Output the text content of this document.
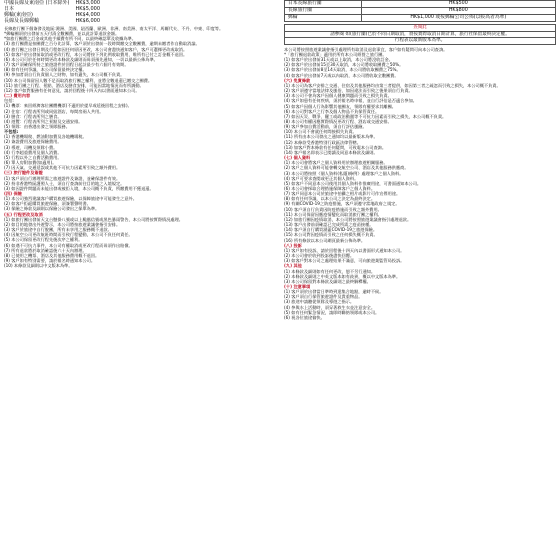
中國長線及東南亞 (日本除外)	HK$3,000
日本	HK$5,000
郵輪(東南亞)	HK$4,000
長線及長線郵輪	HK$6,000
長線旅行團下個簽發及地區:澳洲、美國、紐西蘭、歐洲、非洲、南美洲、南太平洋、馬爾代夫、不丹、中東、印度等。
*郵輪團須於出發前五天付清全數團費，並以此計算退款金額。
*如旅行團費之訂金或其他手續費有所不同，以最終確認單及收據為準。
(3) 旅行團費是按團費之百分比計算，客戶須於出發前一段時間繳交全數團費，逾期未繳者作自動取消論。
(4) 旅行團之出發日期及行程如因任何原因更改，本公司會盡快通知客戶，客戶可選擇更改或取消。
(5) 如客戶於出發前取消或更改行程，本公司將按下列比例收取費用，唯所有已付之訂金概不退回。
(6) 本公司可於任何時間更改本條款及細則而毋須預先通知，一切以最新公佈為準。
(7) 客戶須確保所持之旅遊證件於回程日起計最少有六個月有效期。
(8) 如有任何爭議，本公司保留最終決定權。
(9) 參加者須自行負責個人之財物，如有遺失，本公司概不負責。
(10) 本公司保留因人數不足而取消旅行團之權利，並將全數退還已繳交之團費。
(11) 旅行團之行程、景點、酒店及膳食安排，可能因當地情況而有所調動。
(12) 客戶如對服務有任何意見，請於回程後十四天內以書面通知本公司。
(二) 費用內容
包括:
(1) 機票：來回經濟客位團體機票(不適用於提早或延後回程之安排)。
(2) 住宿：行程表所列或同級酒店，每間房兩人共用。
(3) 膳食：行程表所列之膳食。
(4) 遊覽：行程表所列之景點及交通安排。
(5) 領隊：由香港出發之領隊服務。
不包括:
(1) 香港機場稅、燃油附加費及各地機場稅。
(2) 簽證費用及旅遊保險費用。
(3) 導遊、司機及領隊小費。
(4) 行李超重費用及個人消費。
(5) 行程以外之自費活動費用。
(6) 單人房附加費(如適用)。
(7) 因天氣、交通延誤或其他不可抗力因素所引致之額外費用。
(三) 旅行證件及簽證
(1) 客戶須自行辦理所需之旅遊證件及簽證，並確保證件有效。
(2) 持非香港特區護照人士，須自行查詢前往目的地之入境規定。
(3) 如因證件問題而未能出發或被拒入境，本公司概不負責，所繳費用不獲退還。
(四) 保險
(1) 本公司強烈建議客戶購買旅遊保險，以保障旅途中可能發生之意外。
(2) 如客戶拒絕購買旅遊保險，須簽署聲明書。
(3) 保險之條款及細則以保險公司發出之保單為準。
(五) 行程更改及取消
(1) 如旅行團出發前天文台懸掛八號或以上颱風信號或黑色暴雨警告，本公司將按實際情況處理。
(2) 如目的地發出外遊警示，本公司將按旅遊業議會指引安排。
(3) 客戶於旅途中自行脫團，所有未享用之服務概不退款。
(4) 因航空公司更改航班時間而引致行程變動，本公司不負任何責任。
(5) 本公司保留更改行程先後次序之權利。
(6) 如遇不可抗力事件，本公司有權取消或更改行程而毋須作出賠償。
(7) 所有退款將於取消確認後六十天內辦理。
(8) 已使用之機票、酒店及其他服務費用概不退回。
(9) 客戶如有特別需要，請於報名時通知本公司。
(10) 本條款及細則以中文版本為準。
日本長線旅行團	HK$500
長線旅行團	HK$800
郵輪	HK$1,000 或按郵輪公司公佈(以較高者為準)
查閱此
請參閱 如(旅行團)已於不同日期取消，須按實際取消日期計算，旅行社保留最終決定權。
行程表以最新版本為準。
本公司將按照旅遊業議會指引處理所有取消及退款事宜，客戶如有疑問可向本公司查詢。
*「旅行團退款政策」適用於所有本公司經營之旅行團。
(1) 如客戶於出發前31天或以上取消，本公司將沒收訂金。
(2) 如客戶於出發前15至30天取消，本公司將收取團費之50%。
(3) 如客戶於出發前8至14天取消，本公司將收取團費之75%。
(4) 如客戶於出發前7天或以內取消，本公司將收取全數團費。
(六) 免責條款
(1) 本公司為客戶安排之交通、住宿及其他服務均由第三者提供，如因第三者之疏忽而引致之損失，本公司概不負責。
(2) 客戶須遵守當地法律及風俗，如因違法而引致之後果須自行負責。
(3) 本公司不會為客戶因個人健康問題而引致之損失負責。
(4) 客戶如患有任何疾病，須於報名時申報，並自行評估是否適合參加。
(5) 如客戶因個人行為影響其他團友，領隊有權要求其離團。
(6) 本公司對客戶之行李及個人物品不負保管責任。
(7) 如因天災、戰爭、罷工或政治動盪等不可抗力因素而引致之損失，本公司概不負責。
(8) 本公司有權因應實際情況更改行程、酒店或交通安排。
(9) 客戶參加自費活動前，須自行評估風險。
(10) 本公司不會就任何間接損失負責。
(11) 所有由本公司發出之通知均以最新版本為準。
(12) 本條款受香港特別行政區法律管轄。
(13) 如客戶對本條款有任何疑問，可致電本公司查詢。
(14) 客戶報名即表示已閱讀及同意本條款及細則。
(七) 個人資料
(1) 本公司會將客戶之個人資料用於辦理旅遊相關服務。
(2) 客戶之個人資料可能會轉交航空公司、酒店及其他服務供應商。
(3) 本公司將按照《個人資料(私隱)條例》處理客戶之個人資料。
(4) 客戶可要求查閱或更正其個人資料。
(5) 如客戶不同意本公司使用其個人資料作推廣用途，可書面通知本公司。
(6) 本公司會採取合理措施保障客戶之個人資料。
(7) 客戶同意本公司於旅途中拍攝之相片或影片可作宣傳用途。
(8) 如有任何爭議，以本公司之決定為最終決定。
(9) 有關COVID-19之防疫措施，客戶須遵守當地政府之規定。
(10) 客戶須自行負責因防疫措施而引致之額外費用。
(11) 本公司保留因應疫情變化而取消旅行團之權利。
(12) 如旅行團因疫情取消，本公司將按照旅遊業議會指引處理退款。
(13) 客戶出發前須確認已完成所需之疫苗接種。
(14) 客戶須自行購買涵蓋COVID-19之旅遊保險。
(15) 本公司對因疫情而引致之任何損失概不負責。
(16) 所有條款以本公司網頁最新公佈為準。
(八) 投訴
(1) 客戶如有投訴，請於回程後十四天內以書面形式通知本公司。
(2) 本公司會於收到投訴後盡快回覆。
(3) 如客戶對本公司之處理結果不滿意，可向旅遊業監管局投訴。
(九) 其他
(1) 本條款及細則如有任何更改，恕不另行通知。
(2) 本條款及細則之中英文版本如有歧異，概以中文版本為準。
(3) 本公司保留對本條款及細則之最終解釋權。
(十) 注意事項
(1) 客戶須於出發當日準時到達集合地點，逾時不候。
(2) 客戶須自行保管旅遊證件及貴重物品。
(3) 旅途中請聽從領隊及導遊之指示。
(4) 參與水上活動時，須穿著救生衣並注意安全。
(5) 如有任何緊急情況，請即時聯絡領隊或本公司。
(6) 祝各位旅途愉快。
